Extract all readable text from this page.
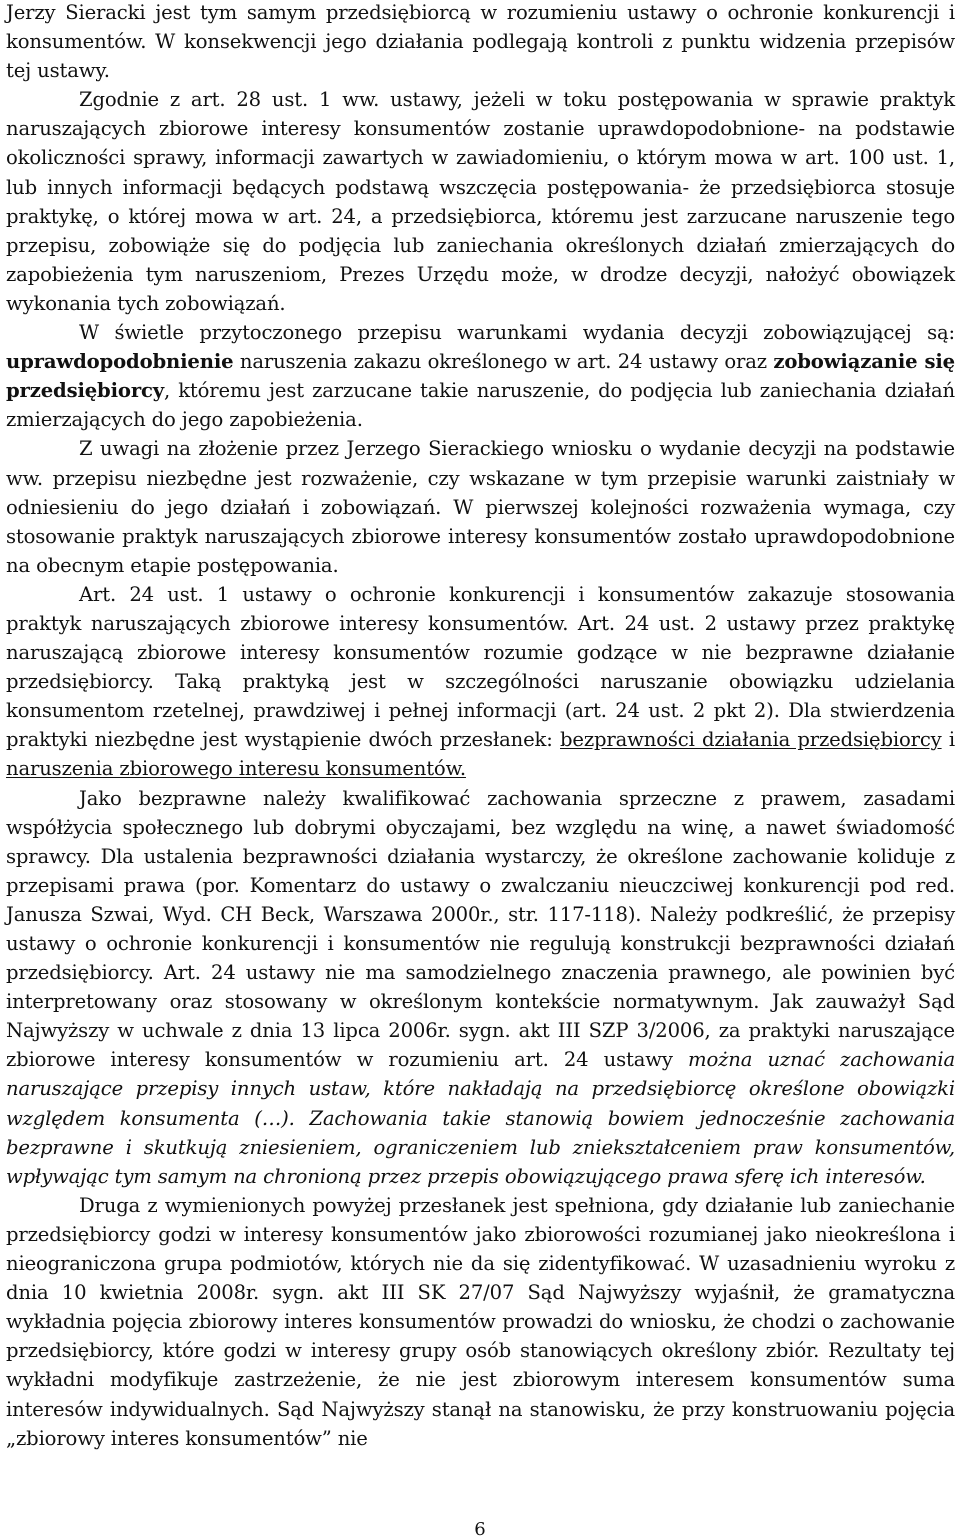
Jerzy Sieracki jest tym samym przedsiębiorcą w rozumieniu ustawy o ochronie konkurencji i konsumentów. W konsekwencji jego działania podlegają kontroli z punktu widzenia przepisów tej ustawy.

Zgodnie z art. 28 ust. 1 ww. ustawy, jeżeli w toku postępowania w sprawie praktyk naruszających zbiorowe interesy konsumentów zostanie uprawdopodobnione- na podstawie okoliczności sprawy, informacji zawartych w zawiadomieniu, o którym mowa w art. 100 ust. 1, lub innych informacji będących podstawą wszczęcia postępowania- że przedsiębiorca stosuje praktykę, o której mowa w art. 24, a przedsiębiorca, któremu jest zarzucane naruszenie tego przepisu, zobowiąże się do podjęcia lub zaniechania określonych działań zmierzających do zapobieżenia tym naruszeniom, Prezes Urzędu może, w drodze decyzji, nałożyć obowiązek wykonania tych zobowiązań.

W świetle przytoczonego przepisu warunkami wydania decyzji zobowiązującej są: uprawdopodobnienie naruszenia zakazu określonego w art. 24 ustawy oraz zobowiązanie się przedsiębiorcy, któremu jest zarzucane takie naruszenie, do podjęcia lub zaniechania działań zmierzających do jego zapobieżenia.

Z uwagi na złożenie przez Jerzego Sierackiego wniosku o wydanie decyzji na podstawie ww. przepisu niezbędne jest rozważenie, czy wskazane w tym przepisie warunki zaistniały w odniesieniu do jego działań i zobowiązań. W pierwszej kolejności rozważenia wymaga, czy stosowanie praktyk naruszających zbiorowe interesy konsumentów zostało uprawdopodobnione na obecnym etapie postępowania.

Art. 24 ust. 1 ustawy o ochronie konkurencji i konsumentów zakazuje stosowania praktyk naruszających zbiorowe interesy konsumentów. Art. 24 ust. 2 ustawy przez praktykę naruszającą zbiorowe interesy konsumentów rozumie godzące w nie bezprawne działanie przedsiębiorcy. Taką praktyką jest w szczególności naruszanie obowiązku udzielania konsumentom rzetelnej, prawdziwej i pełnej informacji (art. 24 ust. 2 pkt 2). Dla stwierdzenia praktyki niezbędne jest wystąpienie dwóch przesłanek: bezprawności działania przedsiębiorcy i naruszenia zbiorowego interesu konsumentów.

Jako bezprawne należy kwalifikować zachowania sprzeczne z prawem, zasadami współżycia społecznego lub dobrymi obyczajami, bez względu na winę, a nawet świadomość sprawcy. Dla ustalenia bezprawności działania wystarczy, że określone zachowanie koliduje z przepisami prawa (por. Komentarz do ustawy o zwalczaniu nieuczciwej konkurencji pod red. Janusza Szwai, Wyd. CH Beck, Warszawa 2000r., str. 117-118). Należy podkreślić, że przepisy ustawy o ochronie konkurencji i konsumentów nie regulują konstrukcji bezprawności działań przedsiębiorcy. Art. 24 ustawy nie ma samodzielnego znaczenia prawnego, ale powinien być interpretowany oraz stosowany w określonym kontekście normatywnym. Jak zauważył Sąd Najwyższy w uchwale z dnia 13 lipca 2006r. sygn. akt III SZP 3/2006, za praktyki naruszające zbiorowe interesy konsumentów w rozumieniu art. 24 ustawy można uznać zachowania naruszające przepisy innych ustaw, które nakładają na przedsiębiorcę określone obowiązki względem konsumenta (…). Zachowania takie stanowią bowiem jednocześnie zachowania bezprawne i skutkują zniesieniem, ograniczeniem lub zniekształceniem praw konsumentów, wpływając tym samym na chronioną przez przepis obowiązującego prawa sferę ich interesów.

Druga z wymienionych powyżej przesłanek jest spełniona, gdy działanie lub zaniechanie przedsiębiorcy godzi w interesy konsumentów jako zbiorowości rozumianej jako nieokreślona i nieograniczona grupa podmiotów, których nie da się zidentyfikować. W uzasadnieniu wyroku z dnia 10 kwietnia 2008r. sygn. akt III SK 27/07 Sąd Najwyższy wyjaśnił, że gramatyczna wykładnia pojęcia zbiorowy interes konsumentów prowadzi do wniosku, że chodzi o zachowanie przedsiębiorcy, które godzi w interesy grupy osób stanowiących określony zbiór. Rezultaty tej wykładni modyfikuje zastrzeżenie, że nie jest zbiorowym interesem konsumentów suma interesów indywidualnych. Sąd Najwyższy stanął na stanowisku, że przy konstruowaniu pojęcia „zbiorowy interes konsumentów” nie

6
